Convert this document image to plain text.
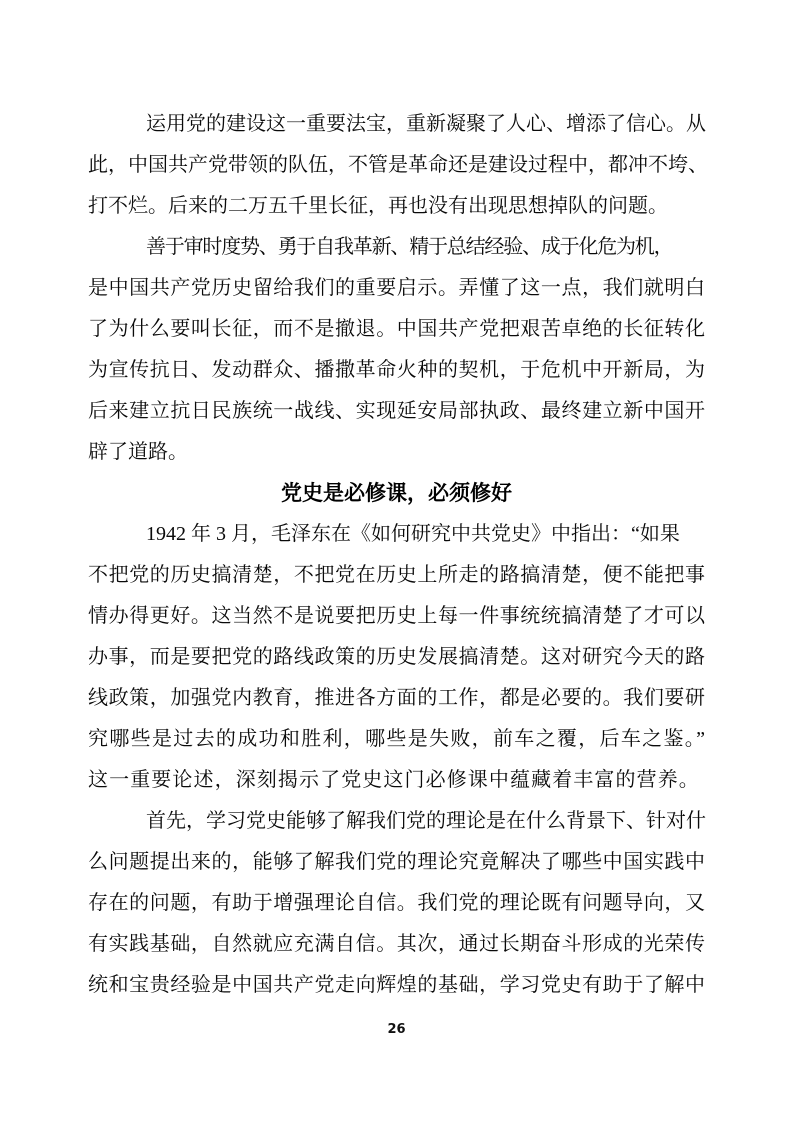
运用党的建设这一重要法宝，重新凝聚了人心、增添了信心。从
此，中国共产党带领的队伍，不管是革命还是建设过程中，都冲不垮、
打不烂。后来的二万五千里长征，再也没有出现思想掉队的问题。
善于审时度势、勇于自我革新、精于总结经验、成于化危为机，
是中国共产党历史留给我们的重要启示。弄懂了这一点，我们就明白
了为什么要叫长征，而不是撤退。中国共产党把艰苦卓绝的长征转化
为宣传抗日、发动群众、播撒革命火种的契机，于危机中开新局，为
后来建立抗日民族统一战线、实现延安局部执政、最终建立新中国开
辟了道路。
党史是必修课，必须修好
1942 年 3 月，毛泽东在《如何研究中共党史》中指出：“如果
不把党的历史搞清楚，不把党在历史上所走的路搞清楚，便不能把事
情办得更好。这当然不是说要把历史上每一件事统统搞清楚了才可以
办事，而是要把党的路线政策的历史发展搞清楚。这对研究今天的路
线政策，加强党内教育，推进各方面的工作，都是必要的。我们要研
究哪些是过去的成功和胜利，哪些是失败，前车之覆，后车之鉴。”
这一重要论述，深刻揭示了党史这门必修课中蕴藏着丰富的营养。
首先，学习党史能够了解我们党的理论是在什么背景下、针对什
么问题提出来的，能够了解我们党的理论究竟解决了哪些中国实践中
存在的问题，有助于增强理论自信。我们党的理论既有问题导向，又
有实践基础，自然就应充满自信。其次，通过长期奋斗形成的光荣传
统和宝贵经验是中国共产党走向辉煌的基础，学习党史有助于了解中
26
